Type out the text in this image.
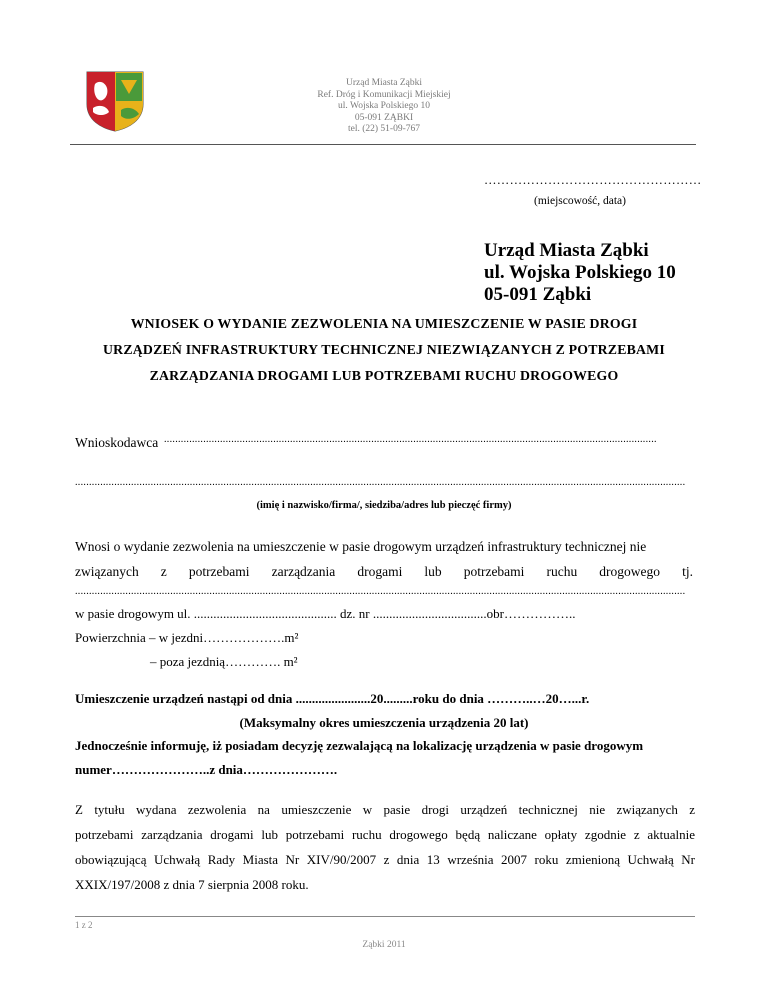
Urząd Miasta Ząbki
Ref. Dróg i Komunikacji Miejskiej
ul. Wojska Polskiego 10
05-091 ZĄBKI
tel. (22) 51-09-767
……………………………………………
(miejscowość, data)
Urząd Miasta Ząbki
ul. Wojska Polskiego 10
05-091 Ząbki
WNIOSEK O WYDANIE ZEZWOLENIA NA UMIESZCZENIE W PASIE DROGI
URZĄDZEŃ INFRASTRUKTURY TECHNICZNEJ NIEZWIĄZANYCH Z POTRZEBAMI
ZARZĄDZANIA DROGAMI LUB POTRZEBAMI RUCHU DROGOWEGO
Wnioskodawca ................................................................................................................................................................................
..........................................................................................................................................................................................................................
(imię i nazwisko/firma/, siedziba/adres lub pieczęć firmy)
Wnosi o wydanie zezwolenia na umieszczenie w pasie drogowym urządzeń infrastruktury technicznej nie
związanych z potrzebami zarządzania drogami lub potrzebami ruchu drogowego tj.
..........................................................................................................................................................................................................................
w pasie drogowym ul. ............................................ dz. nr ...................................obr……………..
Powierzchnia – w jezdni……………….m²
– poza jezdnią…………. m²
Umieszczenie urządzeń nastąpi od dnia .......................20.........roku do dnia ………..…20…...r.
(Maksymalny okres umieszczenia urządzenia 20 lat)
Jednocześnie informuję, iż posiadam decyzję zezwalającą na lokalizację urządzenia w pasie drogowym
numer…………………..z dnia………………….
Z tytułu wydana zezwolenia na umieszczenie w pasie drogi urządzeń technicznej nie związanych z
potrzebami zarządzania drogami lub potrzebami ruchu drogowego będą naliczane opłaty zgodnie z aktualnie
obowiązującą Uchwałą Rady Miasta Nr XIV/90/2007 z dnia 13 września 2007 roku zmienioną Uchwałą Nr
XXIX/197/2008 z dnia 7 sierpnia 2008 roku.
1 z 2
Ząbki 2011
